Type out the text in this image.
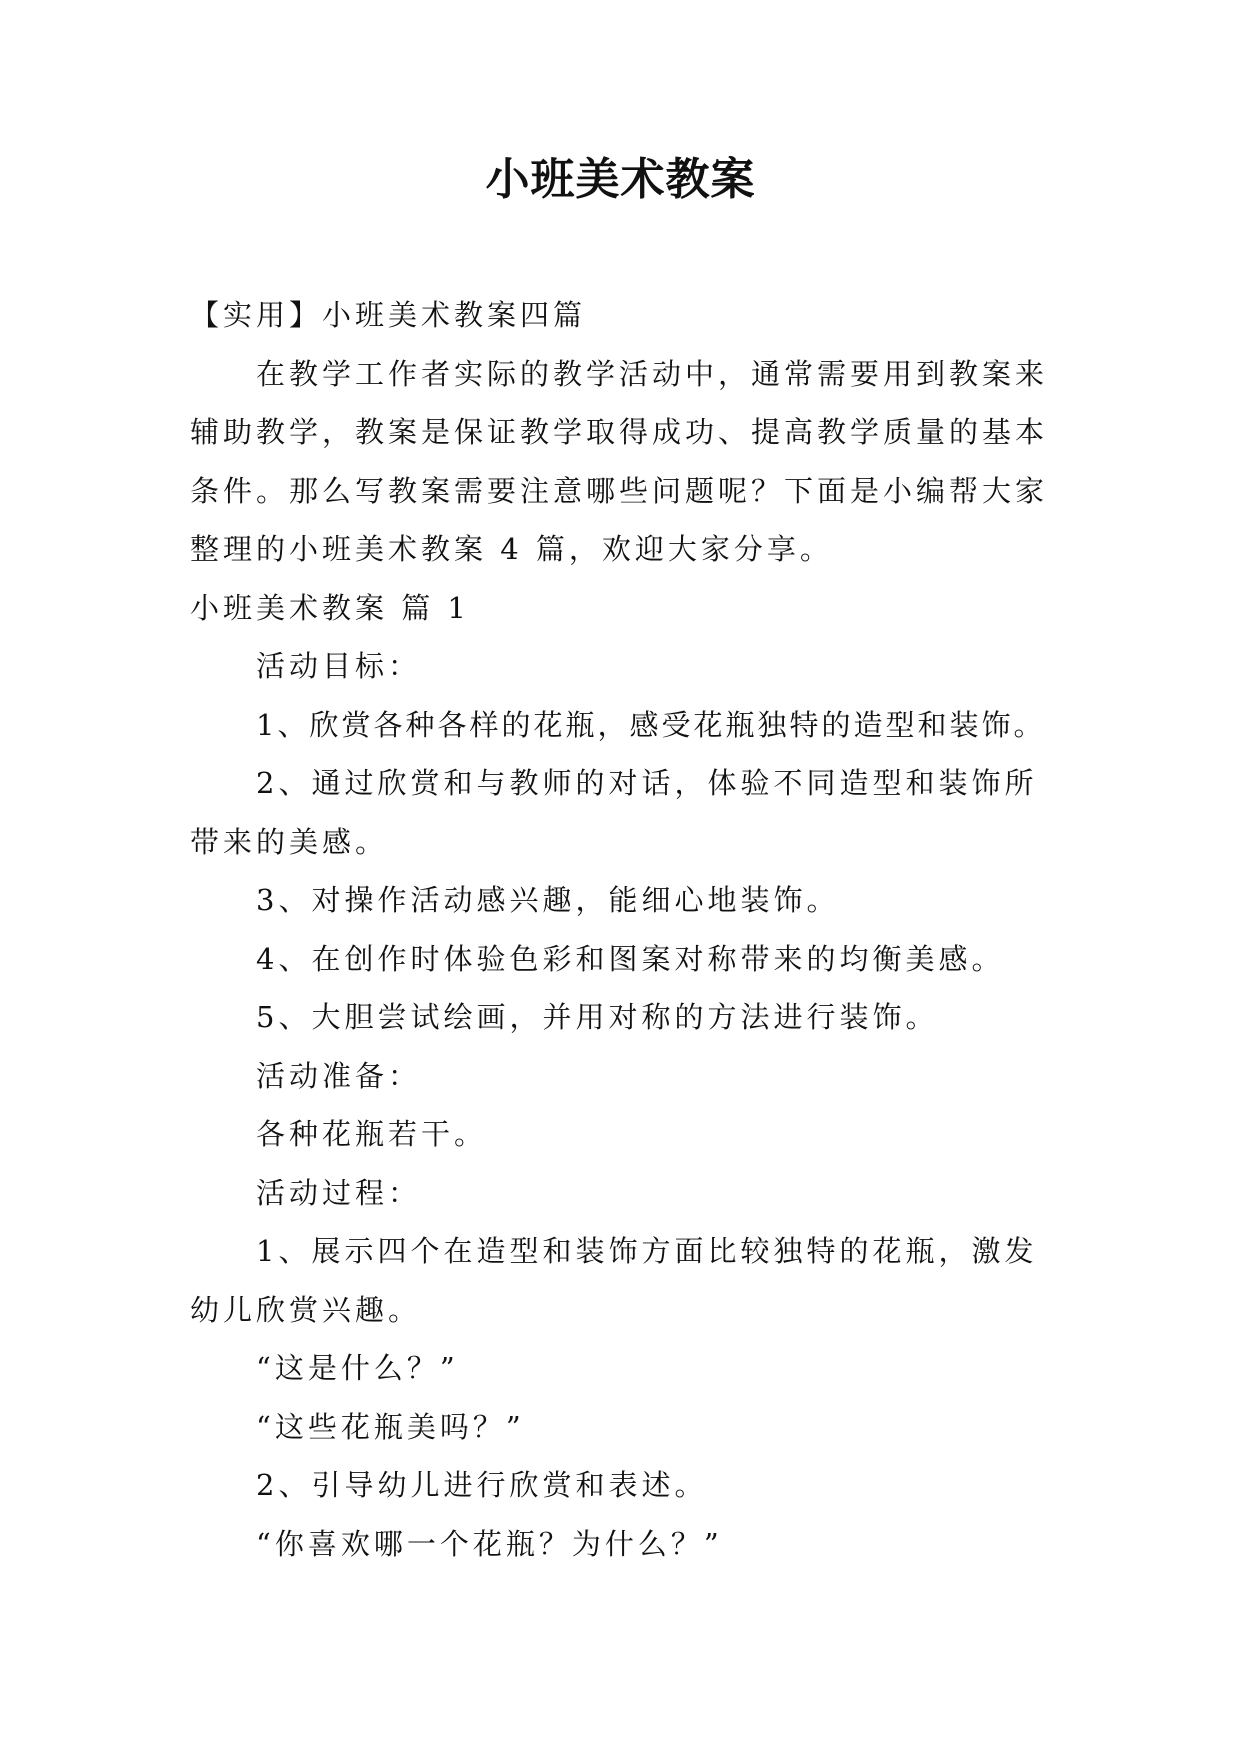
小班美术教案
【实用】小班美术教案四篇
在教学工作者实际的教学活动中，通常需要用到教案来
辅助教学，教案是保证教学取得成功、提高教学质量的基本
条件。那么写教案需要注意哪些问题呢？下面是小编帮大家
整理的小班美术教案 4 篇，欢迎大家分享。
小班美术教案 篇 1
活动目标：
1、欣赏各种各样的花瓶，感受花瓶独特的造型和装饰。
2、通过欣赏和与教师的对话，体验不同造型和装饰所
带来的美感。
3、对操作活动感兴趣，能细心地装饰。
4、在创作时体验色彩和图案对称带来的均衡美感。
5、大胆尝试绘画，并用对称的方法进行装饰。
活动准备：
各种花瓶若干。
活动过程：
1、展示四个在造型和装饰方面比较独特的花瓶，激发
幼儿欣赏兴趣。
“这是什么？”
“这些花瓶美吗？”
2、引导幼儿进行欣赏和表述。
“你喜欢哪一个花瓶？为什么？”
